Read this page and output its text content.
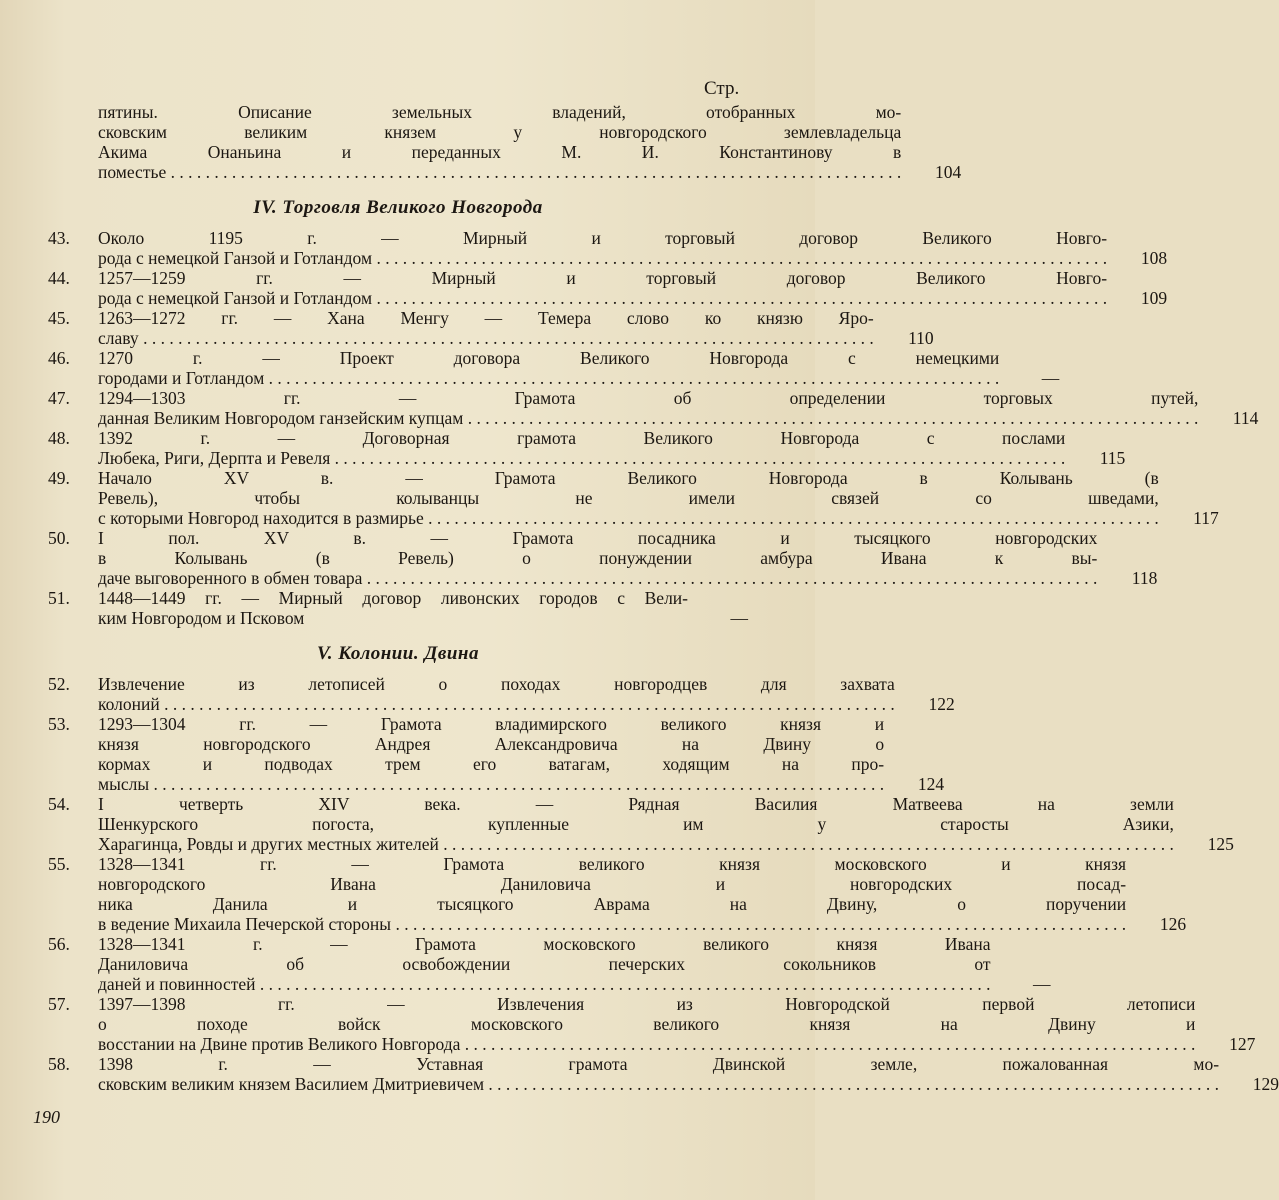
Стр.
пятины. Описание земельных владений, отобранных мо-
сковским великим князем у новгородского землевладельца
Акима Онаньина и переданных М. И. Константинову в
поместье . . . . . . . . . . . . . . . . . . . . . . . . . . . . . . . . . . . . . . . . . . . . . . . . . . . . . . . . . . . . . . . . . . . . . . . . . . . . . . . . . . . .	104
IV. Торговля Великого Новгорода
43.	Около 1195 г. — Мирный и торговый договор Великого Новго-
рода с немецкой Ганзой и Готландом . . . . . . . . . . . . . . . . . . . . . . . . . . . . . . . . . . . . . . . . . . . . . . . . . . . . . . . . . . . . . . . . . . . . . . . . . . . . . . . . . . . .	108
44.	1257—1259 гг. — Мирный и торговый договор Великого Новго-
рода с немецкой Ганзой и Готландом . . . . . . . . . . . . . . . . . . . . . . . . . . . . . . . . . . . . . . . . . . . . . . . . . . . . . . . . . . . . . . . . . . . . . . . . . . . . . . . . . . . .	109
45.	1263—1272 гг. — Хана Менгу — Темера слово ко князю Яро-
славу . . . . . . . . . . . . . . . . . . . . . . . . . . . . . . . . . . . . . . . . . . . . . . . . . . . . . . . . . . . . . . . . . . . . . . . . . . . . . . . . . . . .	110
46.	1270 г. — Проект договора Великого Новгорода с немецкими
городами и Готландом . . . . . . . . . . . . . . . . . . . . . . . . . . . . . . . . . . . . . . . . . . . . . . . . . . . . . . . . . . . . . . . . . . . . . . . . . . . . . . . . . . . .	—
47.	1294—1303 гг. — Грамота об определении торговых путей,
данная Великим Новгородом ганзейским купцам . . . . . . . . . . . . . . . . . . . . . . . . . . . . . . . . . . . . . . . . . . . . . . . . . . . . . . . . . . . . . . . . . . . . . . . . . . . . . . . . . . . .	114
48.	1392 г. — Договорная грамота Великого Новгорода с послами
Любека, Риги, Дерпта и Ревеля . . . . . . . . . . . . . . . . . . . . . . . . . . . . . . . . . . . . . . . . . . . . . . . . . . . . . . . . . . . . . . . . . . . . . . . . . . . . . . . . . . . .	115
49.	Начало XV в. — Грамота Великого Новгорода в Колывань (в
Ревель), чтобы колыванцы не имели связей со шведами,
с которыми Новгород находится в размирье . . . . . . . . . . . . . . . . . . . . . . . . . . . . . . . . . . . . . . . . . . . . . . . . . . . . . . . . . . . . . . . . . . . . . . . . . . . . . . . . . . . .	117
50.	I пол. XV в. — Грамота посадника и тысяцкого новгородских
в Колывань (в Ревель) о понуждении амбура Ивана к вы-
даче выговоренного в обмен товара . . . . . . . . . . . . . . . . . . . . . . . . . . . . . . . . . . . . . . . . . . . . . . . . . . . . . . . . . . . . . . . . . . . . . . . . . . . . . . . . . . . .	118
51.	1448—1449 гг. — Мирный договор ливонских городов с Вели-
ким Новгородом и Псковом	—
V. Колонии. Двина
52.	Извлечение из летописей о походах новгородцев для захвата
колоний . . . . . . . . . . . . . . . . . . . . . . . . . . . . . . . . . . . . . . . . . . . . . . . . . . . . . . . . . . . . . . . . . . . . . . . . . . . . . . . . . . . .	122
53.	1293—1304 гг. — Грамота владимирского великого князя и
князя новгородского Андрея Александровича на Двину о
кормах и подводах трем его ватагам, ходящим на про-
мыслы . . . . . . . . . . . . . . . . . . . . . . . . . . . . . . . . . . . . . . . . . . . . . . . . . . . . . . . . . . . . . . . . . . . . . . . . . . . . . . . . . . . .	124
54.	I четверть XIV века. — Рядная Василия Матвеева на земли
Шенкурского погоста, купленные им у старосты Азики,
Харагинца, Ровды и других местных жителей . . . . . . . . . . . . . . . . . . . . . . . . . . . . . . . . . . . . . . . . . . . . . . . . . . . . . . . . . . . . . . . . . . . . . . . . . . . . . . . . . . . .	125
55.	1328—1341 гг. — Грамота великого князя московского и князя
новгородского Ивана Даниловича и новгородских посад-
ника Данила и тысяцкого Аврама на Двину, о поручении
в ведение Михаила Печерской стороны . . . . . . . . . . . . . . . . . . . . . . . . . . . . . . . . . . . . . . . . . . . . . . . . . . . . . . . . . . . . . . . . . . . . . . . . . . . . . . . . . . . .	126
56.	1328—1341 г. — Грамота московского великого князя Ивана
Даниловича об освобождении печерских сокольников от
даней и повинностей . . . . . . . . . . . . . . . . . . . . . . . . . . . . . . . . . . . . . . . . . . . . . . . . . . . . . . . . . . . . . . . . . . . . . . . . . . . . . . . . . . . .	—
57.	1397—1398 гг. — Извлечения из Новгородской первой летописи
о походе войск московского великого князя на Двину и
восстании на Двине против Великого Новгорода . . . . . . . . . . . . . . . . . . . . . . . . . . . . . . . . . . . . . . . . . . . . . . . . . . . . . . . . . . . . . . . . . . . . . . . . . . . . . . . . . . . .	127
58.	1398 г. — Уставная грамота Двинской земле, пожалованная мо-
сковским великим князем Василием Дмитриевичем . . . . . . . . . . . . . . . . . . . . . . . . . . . . . . . . . . . . . . . . . . . . . . . . . . . . . . . . . . . . . . . . . . . . . . . . . . . . . . . . . . . .	129
190
